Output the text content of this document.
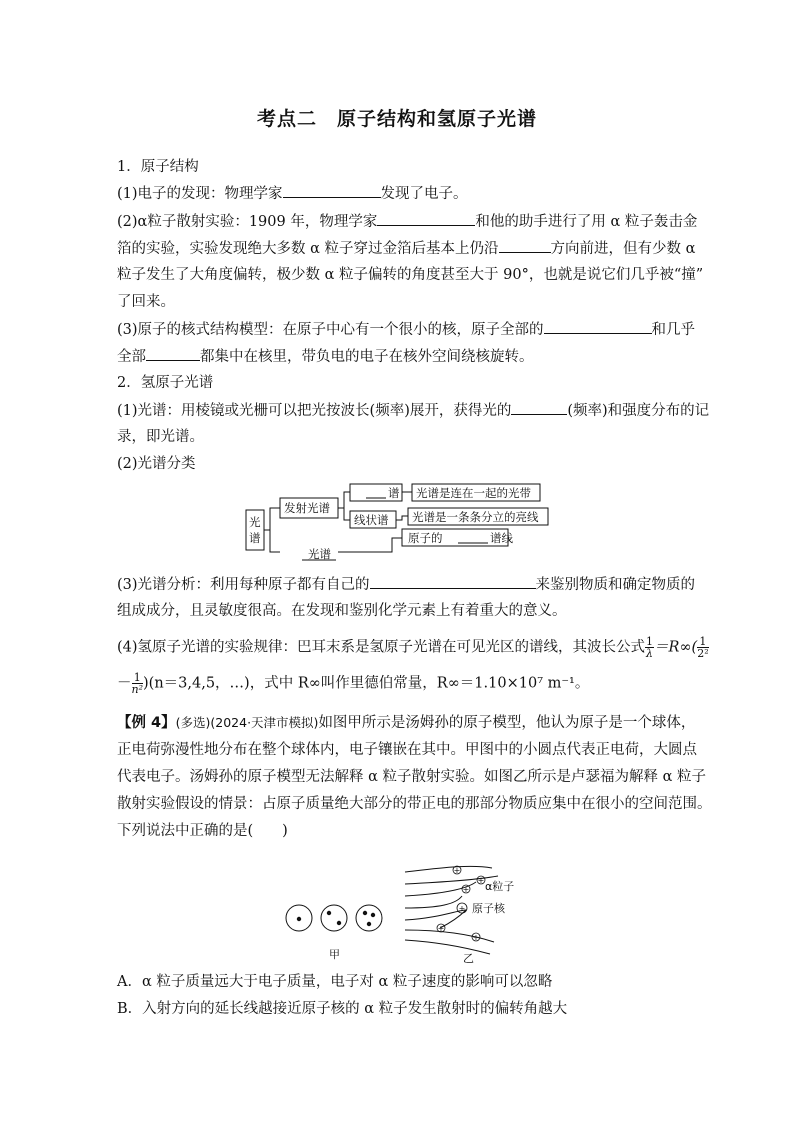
考点二　原子结构和氢原子光谱
1．原子结构
(1)电子的发现：物理学家	发现了电子。
(2)α粒子散射实验：1909 年，物理学家	和他的助手进行了用 α 粒子轰击金
箔的实验，实验发现绝大多数 α 粒子穿过金箔后基本上仍沿	方向前进，但有少数 α
粒子发生了大角度偏转，极少数 α 粒子偏转的角度甚至大于 90°，也就是说它们几乎被“撞”
了回来。
(3)原子的核式结构模型：在原子中心有一个很小的核，原子全部的	和几乎
全部	都集中在核里，带负电的电子在核外空间绕核旋转。
2．氢原子光谱
(1)光谱：用棱镜或光栅可以把光按波长(频率)展开，获得光的	(频率)和强度分布的记
录，即光谱。
(2)光谱分类
光
谱
发射光谱
谱
线状谱
光谱是连在一起的光带
光谱是一条条分立的亮线
原子的	谱线
光谱
(3)光谱分析：利用每种原子都有自己的	来鉴别物质和确定物质的
组成成分，且灵敏度很高。在发现和鉴别化学元素上有着重大的意义。
(4)氢原子光谱的实验规律：巴耳末系是氢原子光谱在可见光区的谱线，其波长公式 $\frac{1}{\lambda} =R\infty( \frac{1}{\text{2²}}$
－ $\frac{1}{\text{n²}} )(n=3,4,5$，…)，式中 R∞叫作里德伯常量，R∞＝1.10×10⁷ m⁻¹。
【例 4】(多选)(2024·天津市模拟)如图甲所示是汤姆孙的原子模型，他认为原子是一个球体，
正电荷弥漫性地分布在整个球体内，电子镶嵌在其中。甲图中的小圆点代表正电荷，大圆点
代表电子。汤姆孙的原子模型无法解释 α 粒子散射实验。如图乙所示是卢瑟福为解释 α 粒子
散射实验假设的情景：占原子质量绝大部分的带正电的那部分物质应集中在很小的空间范围。
下列说法中正确的是(　　)
+
+
+
+
+
+
α粒子
原子核
甲	乙
A．α 粒子质量远大于电子质量，电子对 α 粒子速度的影响可以忽略
B．入射方向的延长线越接近原子核的 α 粒子发生散射时的偏转角越大
